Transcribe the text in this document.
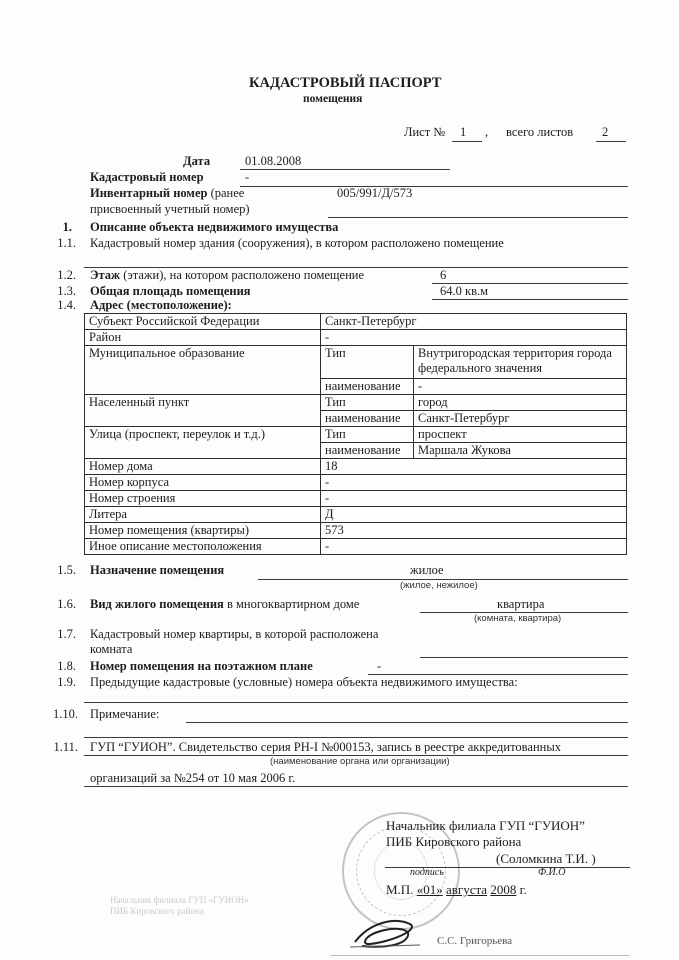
КАДАСТРОВЫЙ ПАСПОРТ
помещения
Лист № 1 , всего листов 2
Дата	01.08.2008
Кадастровый номер	-
Инвентарный номер (ранее
присвоенный учетный номер)
005/991/Д/573
1. Описание объекта недвижимого имущества
1.1. Кадастровый номер здания (сооружения), в котором расположено помещение
1.2. Этаж (этажи), на котором расположено помещение	6
1.3. Общая площадь помещения	64.0 кв.м
1.4. Адрес (местоположение):
Субъект Российской Федерации	Санкт-Петербург	
Район	-	
Муниципальное образование	Тип	Внутригородская территория города федерального значения
	наименование	-
Населенный пункт	Тип	город
	наименование	Санкт-Петербург
Улица (проспект, переулок и т.д.)	Тип	проспект
	наименование	Маршала Жукова
Номер дома	18	
Номер корпуса	-	
Номер строения	-	
Литера	Д	
Номер помещения (квартиры)	573	
Иное описание местоположения	-	
1.5. Назначение помещения	жилое
(жилое, нежилое)
1.6. Вид жилого помещения в многоквартирном доме	квартира
(комната, квартира)
1.7. Кадастровый номер квартиры, в которой расположена
комната
1.8. Номер помещения на поэтажном плане	-
1.9. Предыдущие кадастровые (условные) номера объекта недвижимого имущества:
1.10. Примечание:
1.11. ГУП “ГУИОН”. Свидетельство серия РН-I №000153, запись в реестре аккредитованных
(наименование органа или организации)
организаций за №254 от 10 мая 2006 г.
Начальник филиала ГУП “ГУИОН”
ПИБ Кировского района
(Соломкина Т.И. )
подпись	Ф.И.О
М.П. «01» августа 2008 г.
С.С. Григорьева
Начальник филиала ГУП «ГУИОН»
ПИБ Кировского района
